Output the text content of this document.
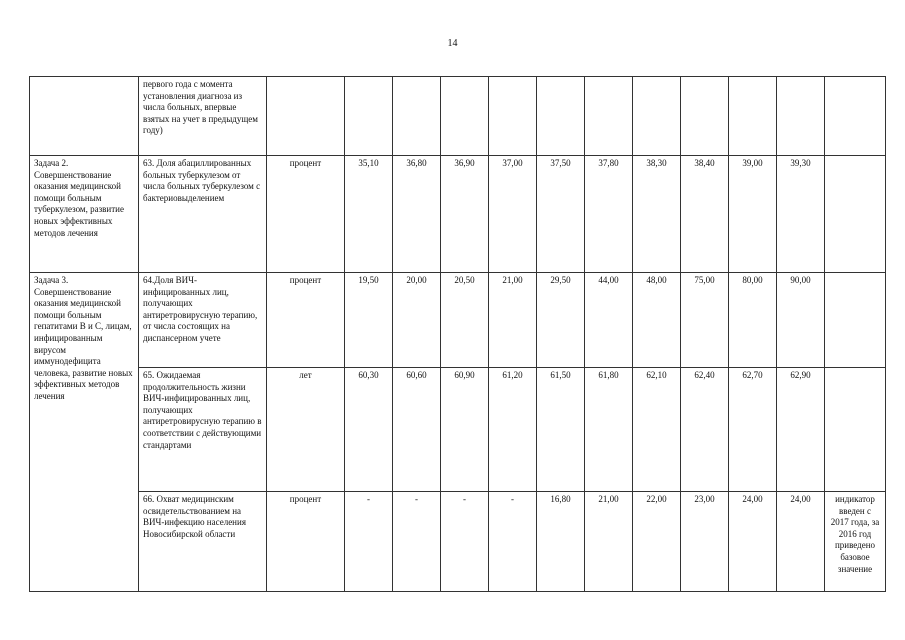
14
	первого года с момента установления диагноза из числа больных, впервые взятых на учет в предыдущем году)												
Задача 2. Совершенствование оказания медицинской помощи больным туберкулезом, развитие новых эффективных методов лечения	63. Доля абациллированных больных туберкулезом от числа больных туберкулезом с бактериовыделением	процент	35,10	36,80	36,90	37,00	37,50	37,80	38,30	38,40	39,00	39,30	
Задача 3. Совершенствование оказания медицинской помощи больным гепатитами В и С, лицам, инфицированным вирусом иммунодефицита человека, развитие новых эффективных методов лечения	64.Доля ВИЧ-инфицированных лиц, получающих антиретровирусную терапию, от числа состоящих на диспансерном учете	процент	19,50	20,00	20,50	21,00	29,50	44,00	48,00	75,00	80,00	90,00	
	65. Ожидаемая продолжительность жизни ВИЧ-инфицированных лиц, получающих антиретровирусную терапию в соответствии с действующими стандартами	лет	60,30	60,60	60,90	61,20	61,50	61,80	62,10	62,40	62,70	62,90	
	66. Охват медицинским освидетельствованием на ВИЧ-инфекцию населения Новосибирской области	процент	-	-	-	-	16,80	21,00	22,00	23,00	24,00	24,00	индикатор введен с 2017 года, за 2016 год приведено базовое значение
